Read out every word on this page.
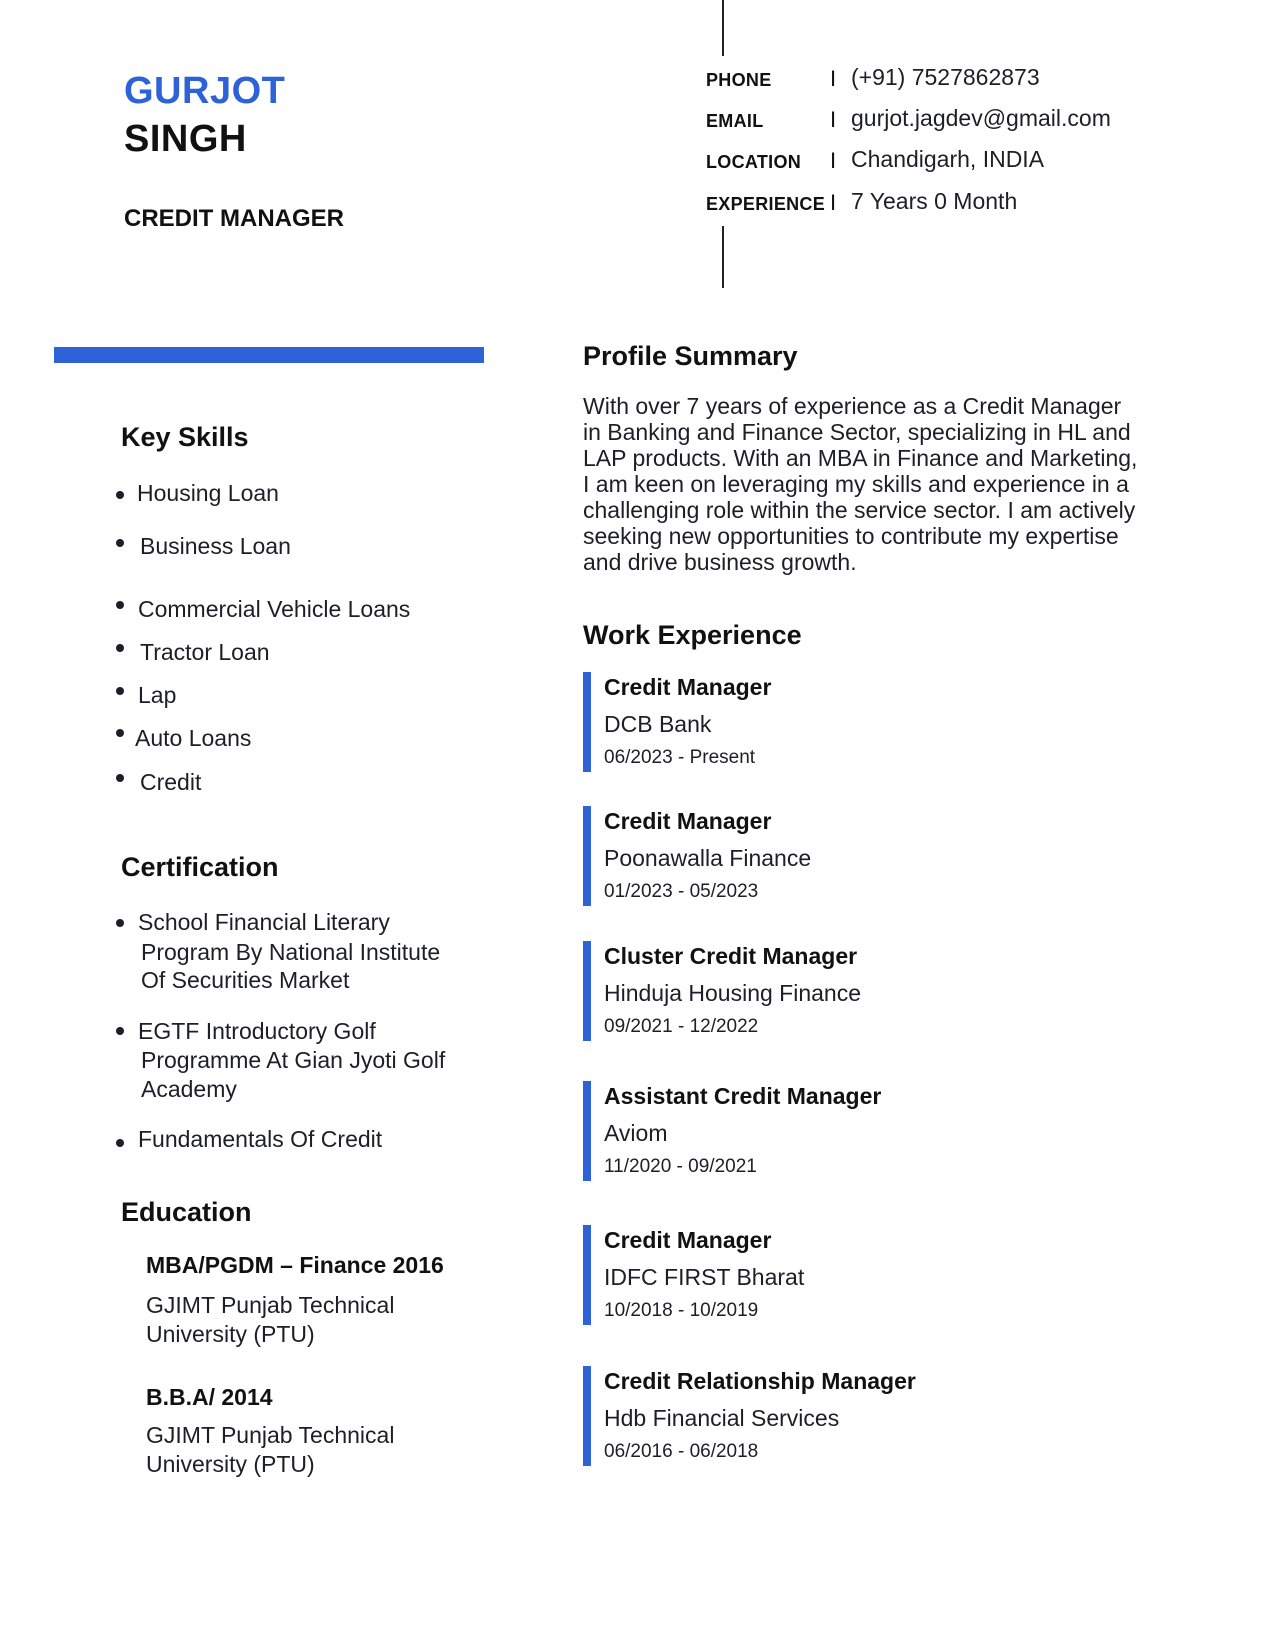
GURJOT
SINGH
CREDIT MANAGER
PHONE	I (+91) 7527862873
EMAIL	I gurjot.jagdev@gmail.com
LOCATION I Chandigarh, INDIA
EXPERIENCE I 7 Years 0 Month
Key Skills
Housing Loan
Business Loan
Commercial Vehicle Loans
Tractor Loan
Lap
Auto Loans
Credit
Certification
School Financial Literary
Program By National Institute
Of Securities Market
EGTF Introductory Golf
Programme At Gian Jyoti Golf
Academy
Fundamentals Of Credit
Education
MBA/PGDM – Finance 2016
GJIMT Punjab Technical
University (PTU)
B.B.A/ 2014
GJIMT Punjab Technical
University (PTU)
Profile Summary
With over 7 years of experience as a Credit Manager
in Banking and Finance Sector, specializing in HL and
LAP products. With an MBA in Finance and Marketing,
I am keen on leveraging my skills and experience in a
challenging role within the service sector. I am actively
seeking new opportunities to contribute my expertise
and drive business growth.
Work Experience
Credit Manager
DCB Bank
06/2023 - Present
Credit Manager
Poonawalla Finance
01/2023 - 05/2023
Cluster Credit Manager
Hinduja Housing Finance
09/2021 - 12/2022
Assistant Credit Manager
Aviom
11/2020 - 09/2021
Credit Manager
IDFC FIRST Bharat
10/2018 - 10/2019
Credit Relationship Manager
Hdb Financial Services
06/2016 - 06/2018
